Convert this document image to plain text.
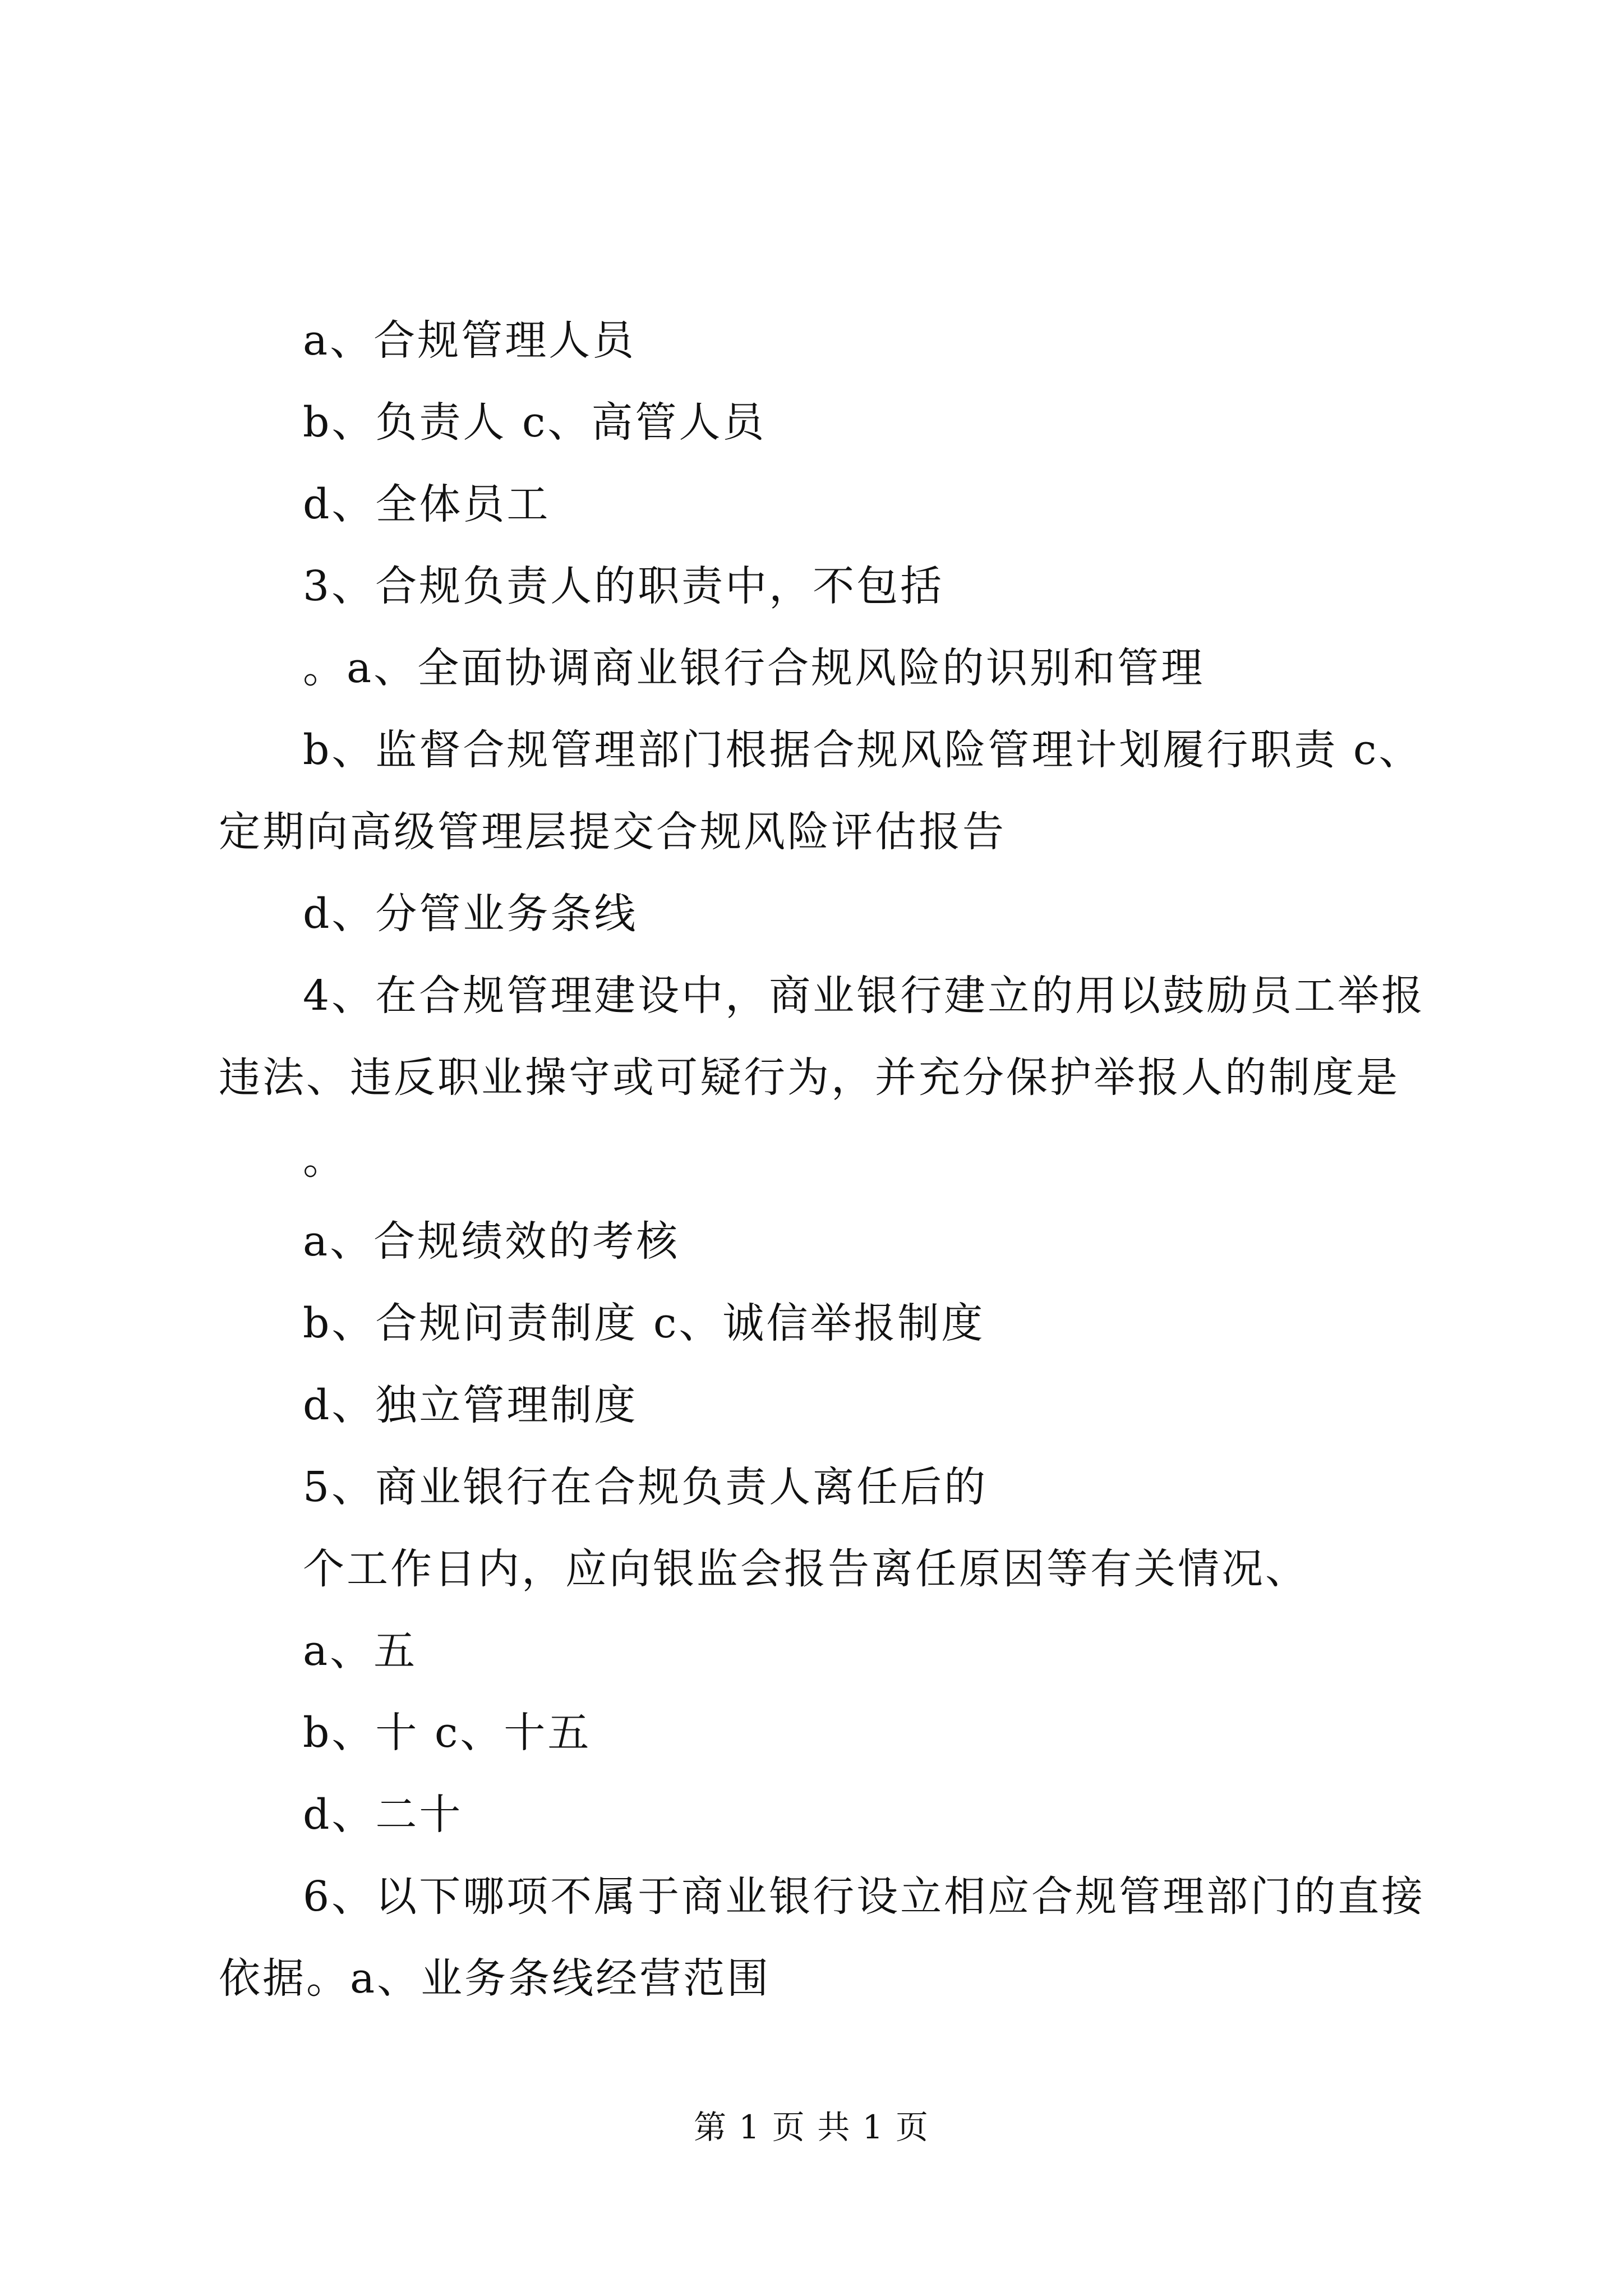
a、合规管理人员
b、负责人 c、高管人员
d、全体员工
3、合规负责人的职责中，不包括
。a、全面协调商业银行合规风险的识别和管理
b、监督合规管理部门根据合规风险管理计划履行职责 c、
定期向高级管理层提交合规风险评估报告
d、分管业务条线
4、在合规管理建设中，商业银行建立的用以鼓励员工举报
违法、违反职业操守或可疑行为，并充分保护举报人的制度是
。
a、合规绩效的考核
b、合规问责制度 c、诚信举报制度
d、独立管理制度
5、商业银行在合规负责人离任后的
个工作日内，应向银监会报告离任原因等有关情况、
a、五
b、十 c、十五
d、二十
6、以下哪项不属于商业银行设立相应合规管理部门的直接
依据。a、业务条线经营范围
第 1 页 共 1 页
